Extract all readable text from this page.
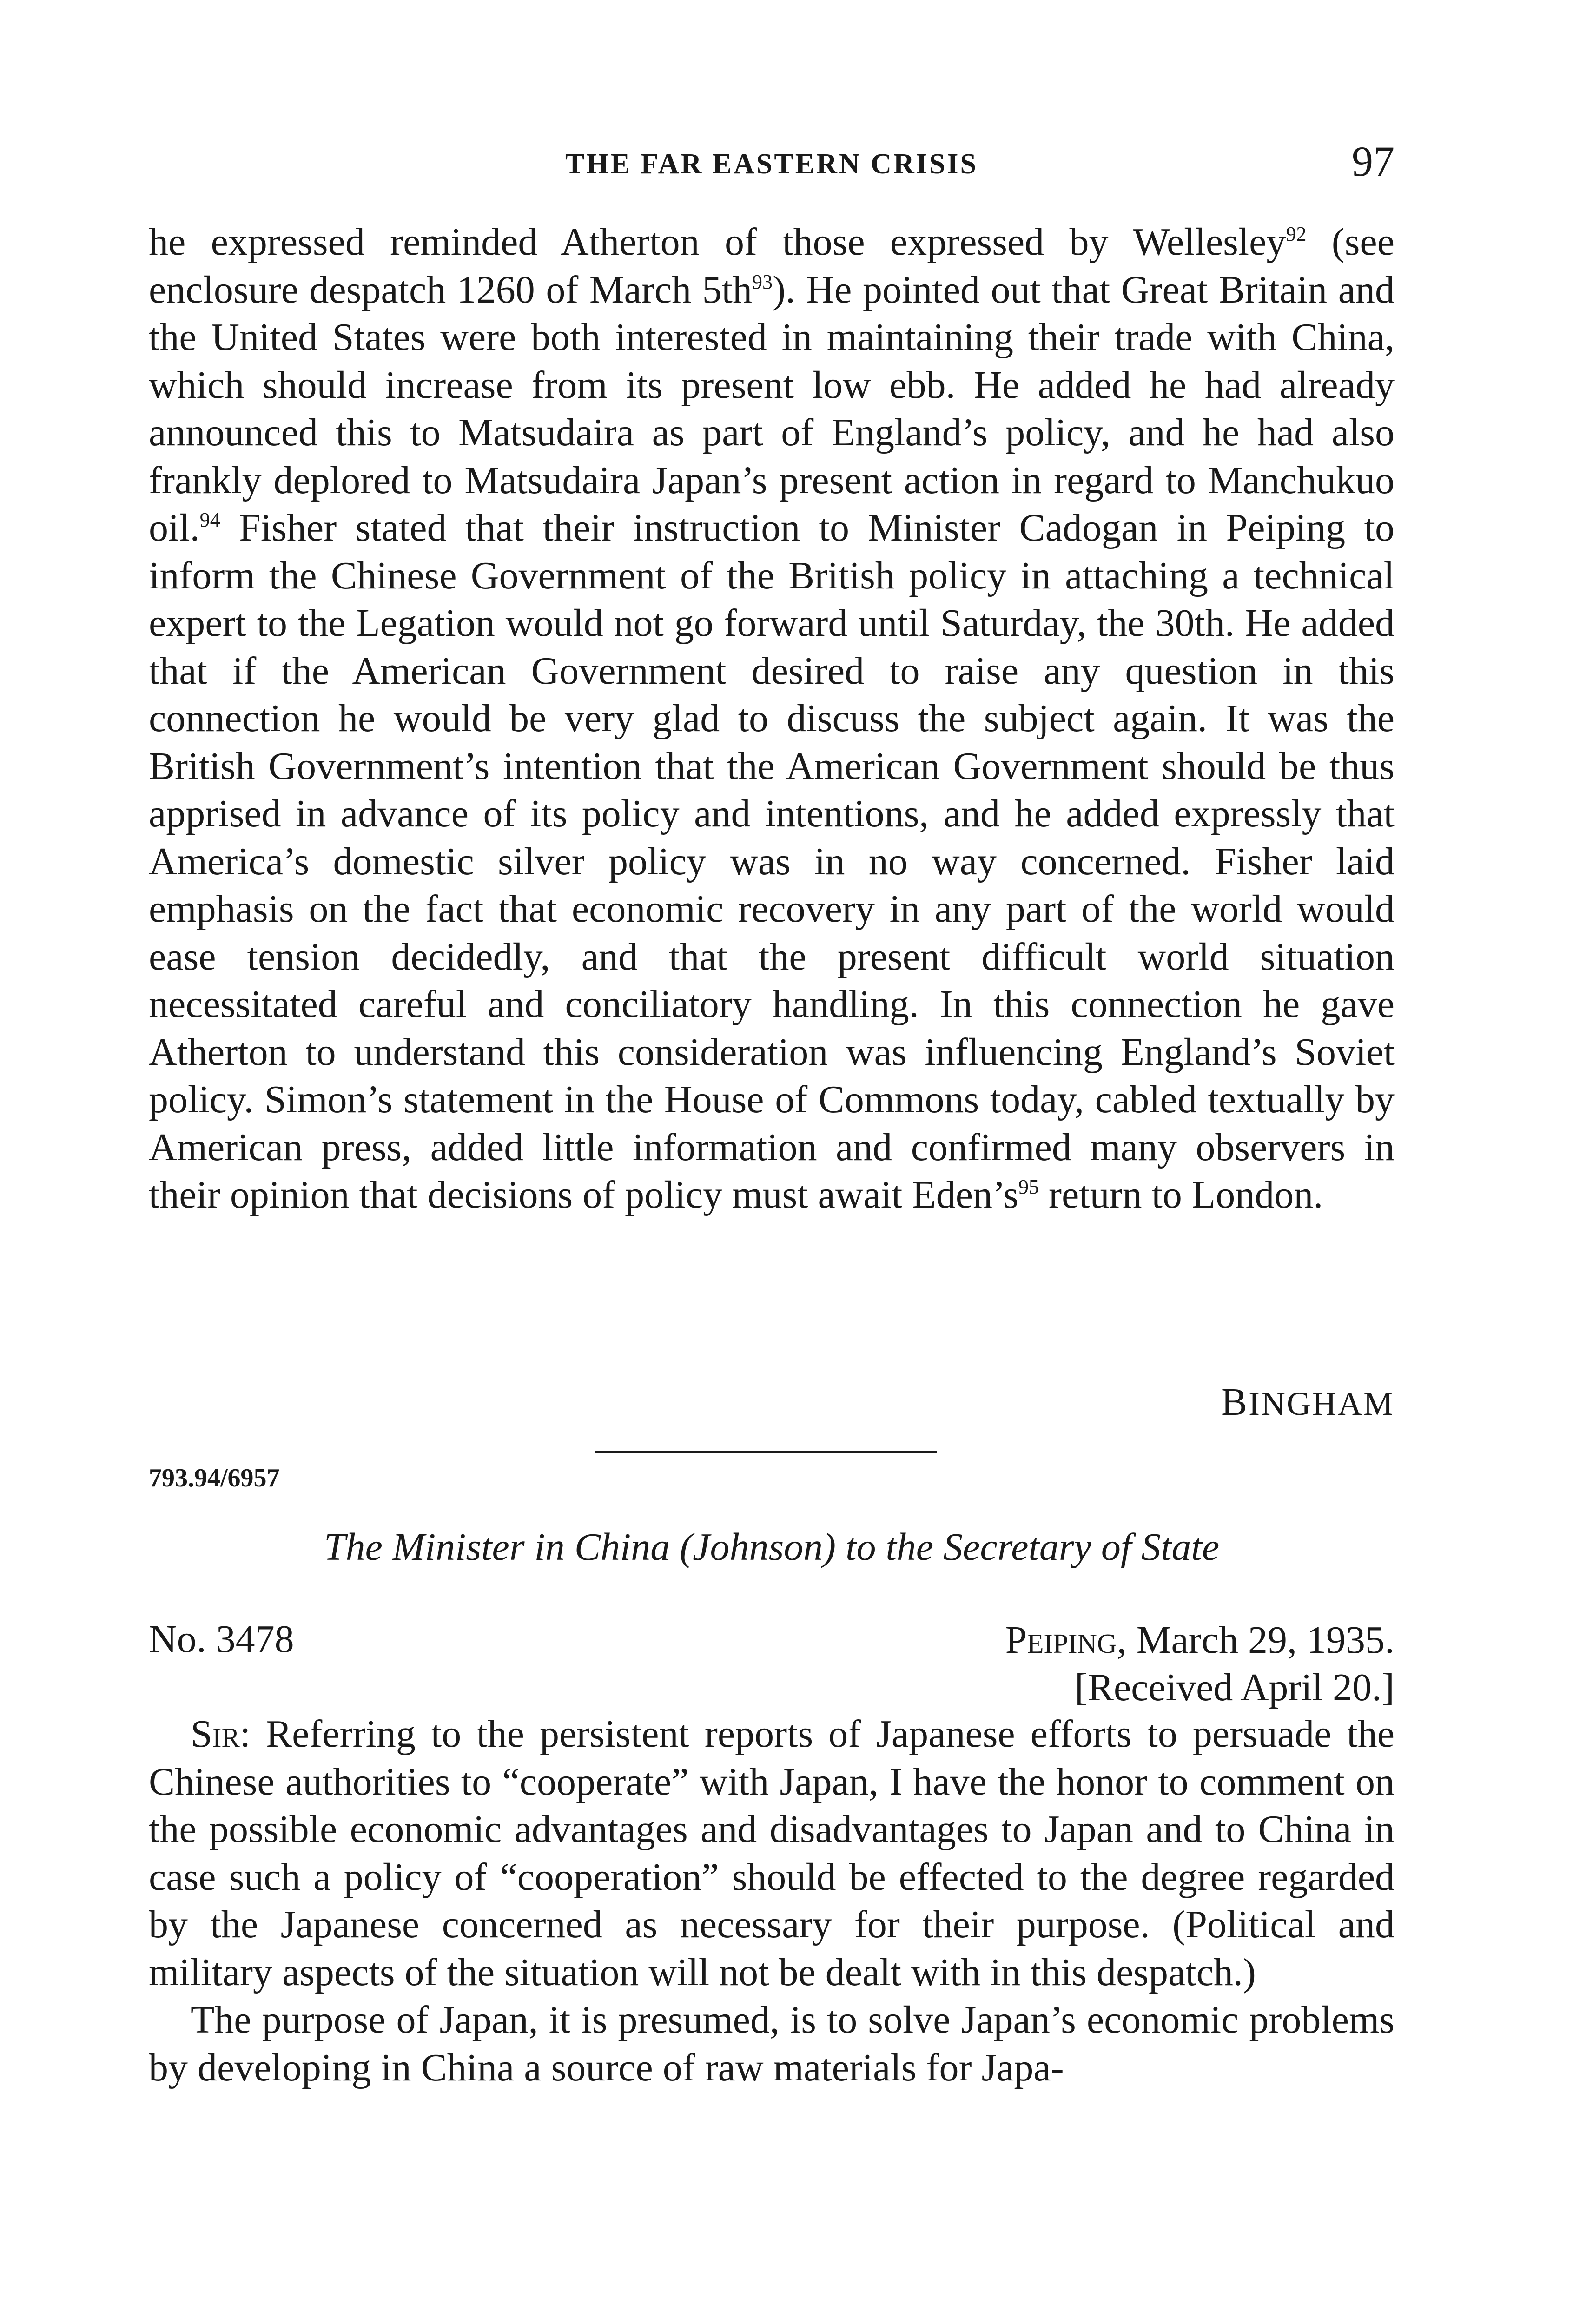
THE FAR EASTERN CRISIS	97

he expressed reminded Atherton of those expressed by Wellesley$^{92}$ (see enclosure despatch 1260 of March 5th$^{93}$). He pointed out that Great Britain and the United States were both interested in maintaining their trade with China, which should increase from its present low ebb. He added he had already announced this to Matsudaira as part of England’s policy, and he had also frankly deplored to Matsudaira Japan’s present action in regard to Manchukuo oil.$^{94}$ Fisher stated that their instruction to Minister Cadogan in Peiping to inform the Chinese Government of the British policy in attaching a technical expert to the Legation would not go forward until Saturday, the 30th. He added that if the American Government desired to raise any question in this connection he would be very glad to discuss the subject again. It was the British Government’s intention that the American Government should be thus apprised in advance of its policy and intentions, and he added expressly that America’s domestic silver policy was in no way concerned. Fisher laid emphasis on the fact that economic recovery in any part of the world would ease tension decidedly, and that the present difficult world situation necessitated careful and conciliatory handling. In this connection he gave Atherton to understand this consideration was influencing England’s Soviet policy. Simon’s statement in the House of Commons today, cabled textually by American press, added little information and confirmed many observers in their opinion that decisions of policy must await Eden’s$^{95}$ return to London.

BINGHAM
793.94/6957
The Minister in China (Johnson) to the Secretary of State
No. 3478	Peiping, March 29, 1935.
[Received April 20.]

Sir: Referring to the persistent reports of Japanese efforts to persuade the Chinese authorities to “cooperate” with Japan, I have the honor to comment on the possible economic advantages and disadvantages to Japan and to China in case such a policy of “cooperation” should be effected to the degree regarded by the Japanese concerned as necessary for their purpose. (Political and military aspects of the situation will not be dealt with in this despatch.)

The purpose of Japan, it is presumed, is to solve Japan’s economic problems by developing in China a source of raw materials for Japa-
